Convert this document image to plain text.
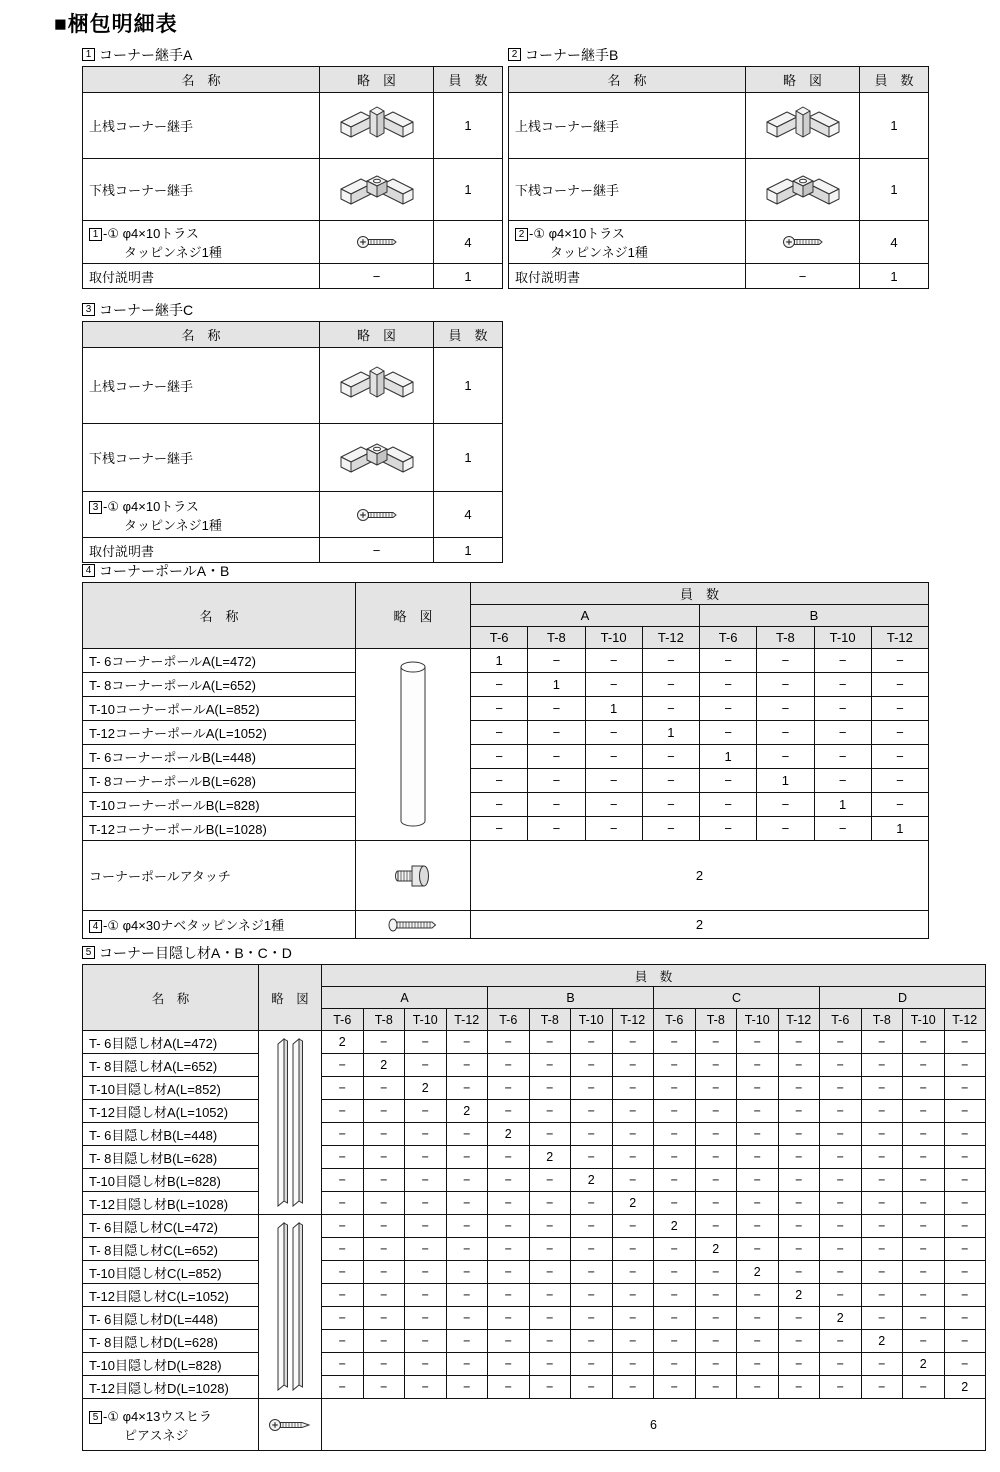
■梱包明細表
1 コーナー継手A
名　称	略　図	員　数
上桟コーナー継手		1
下桟コーナー継手		1
1 -① φ4×10トラス
タッピンネジ1種		4
取付説明書	−	1
2 コーナー継手B
名　称	略　図	員　数
上桟コーナー継手		1
下桟コーナー継手		1
2 -① φ4×10トラス
タッピンネジ1種		4
取付説明書	−	1
3 コーナー継手C
名　称	略　図	員　数
上桟コーナー継手		1
下桟コーナー継手		1
3 -① φ4×10トラス
タッピンネジ1種		4
取付説明書	−	1
4 コーナーポールA・B
名　称	略　図	員　数							
		A				B			
		T-6	T-8	T-10	T-12	T-6	T-8	T-10	T-12
T- 6コーナーポールA(L=472)		1	−	−	−	−	−	−	−
T- 8コーナーポールA(L=652)		−	1	−	−	−	−	−	−
T-10コーナーポールA(L=852)		−	−	1	−	−	−	−	−
T-12コーナーポールA(L=1052)		−	−	−	1	−	−	−	−
T- 6コーナーポールB(L=448)		−	−	−	−	1	−	−	−
T- 8コーナーポールB(L=628)		−	−	−	−	−	1	−	−
T-10コーナーポールB(L=828)		−	−	−	−	−	−	1	−
T-12コーナーポールB(L=1028)		−	−	−	−	−	−	−	1
コーナーポールアタッチ		2							
4 -① φ4×30ナベタッピンネジ1種		2							
5 コーナー目隠し材A・B・C・D
名　称	略　図	員　数															
		A				B				C				D			
		T-6	T-8	T-10	T-12	T-6	T-8	T-10	T-12	T-6	T-8	T-10	T-12	T-6	T-8	T-10	T-12
T- 6目隠し材A(L=472)		2	−	−	−	−	−	−	−	−	−	−	−	−	−	−	−
T- 8目隠し材A(L=652)		−	2	−	−	−	−	−	−	−	−	−	−	−	−	−	−
T-10目隠し材A(L=852)		−	−	2	−	−	−	−	−	−	−	−	−	−	−	−	−
T-12目隠し材A(L=1052)		−	−	−	2	−	−	−	−	−	−	−	−	−	−	−	−
T- 6目隠し材B(L=448)		−	−	−	−	2	−	−	−	−	−	−	−	−	−	−	−
T- 8目隠し材B(L=628)		−	−	−	−	−	2	−	−	−	−	−	−	−	−	−	−
T-10目隠し材B(L=828)		−	−	−	−	−	−	2	−	−	−	−	−	−	−	−	−
T-12目隠し材B(L=1028)		−	−	−	−	−	−	−	2	−	−	−	−	−	−	−	−
T- 6目隠し材C(L=472)		−	−	−	−	−	−	−	−	2	−	−	−	−	−	−	−
T- 8目隠し材C(L=652)		−	−	−	−	−	−	−	−	−	2	−	−	−	−	−	−
T-10目隠し材C(L=852)		−	−	−	−	−	−	−	−	−	−	2	−	−	−	−	−
T-12目隠し材C(L=1052)		−	−	−	−	−	−	−	−	−	−	−	2	−	−	−	−
T- 6目隠し材D(L=448)		−	−	−	−	−	−	−	−	−	−	−	−	2	−	−	−
T- 8目隠し材D(L=628)		−	−	−	−	−	−	−	−	−	−	−	−	−	2	−	−
T-10目隠し材D(L=828)		−	−	−	−	−	−	−	−	−	−	−	−	−	−	2	−
T-12目隠し材D(L=1028)		−	−	−	−	−	−	−	−	−	−	−	−	−	−	−	2
5 -① φ4×13ウスヒラ
ピアスネジ		6															
